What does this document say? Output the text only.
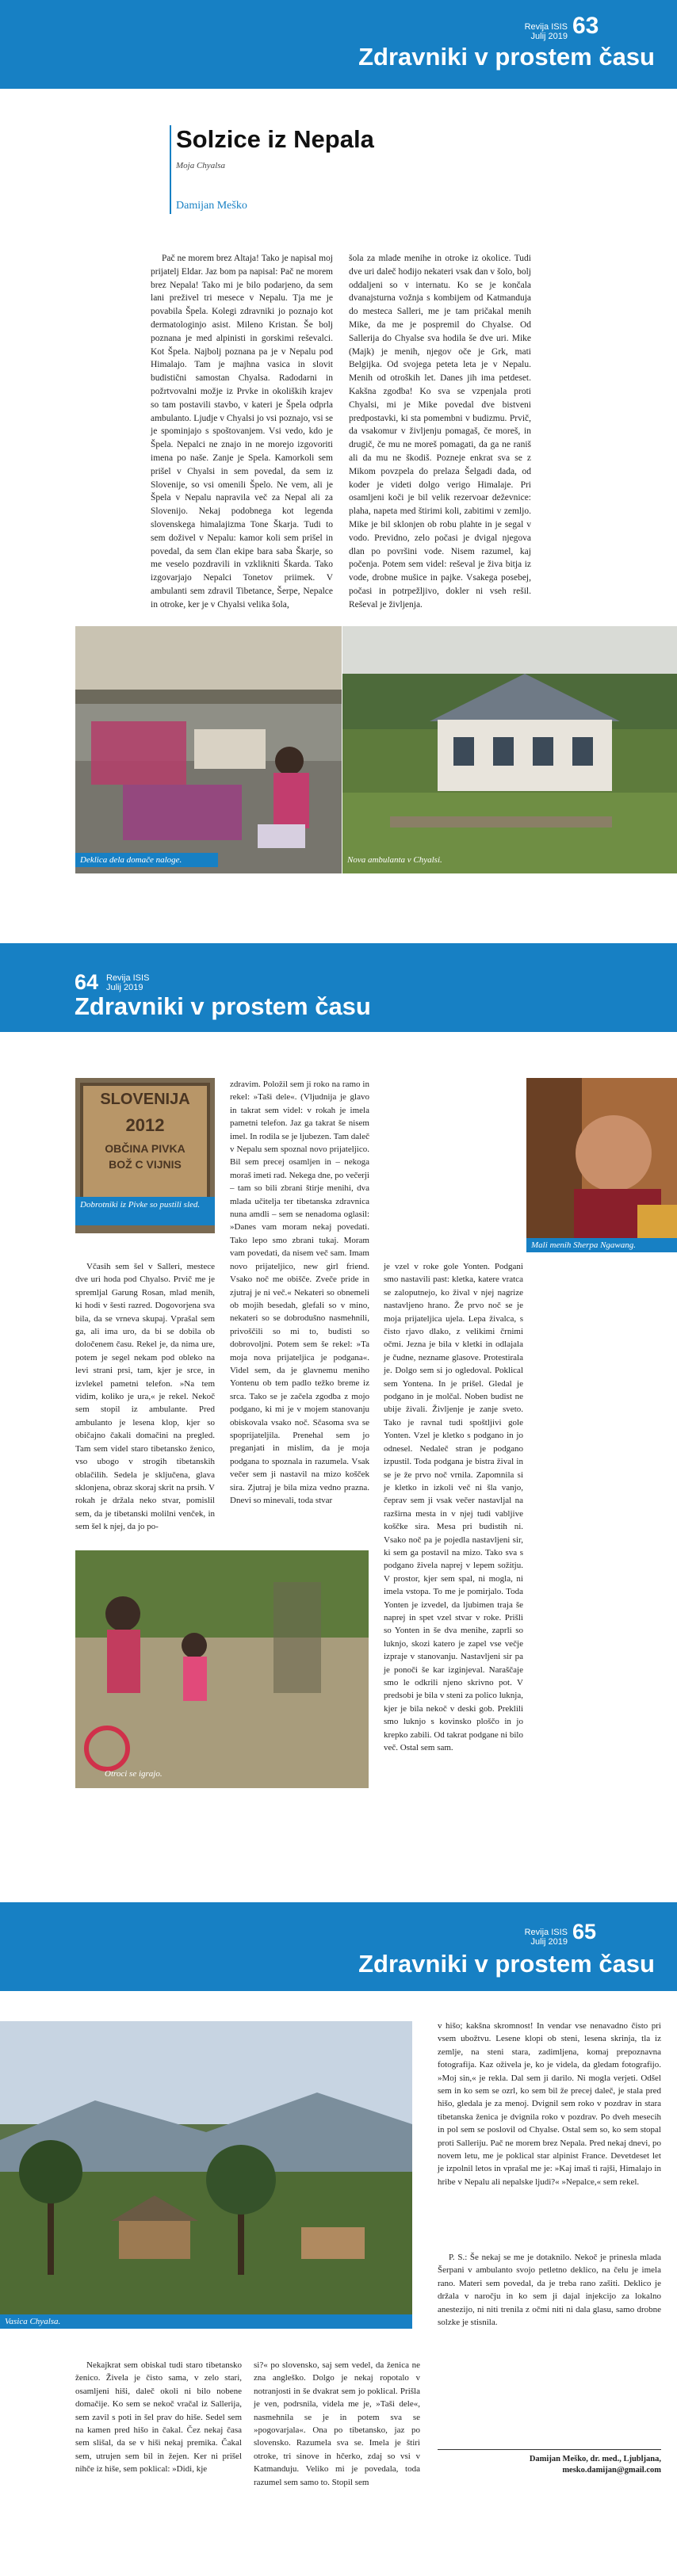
Revija ISIS
Julij 2019 63
Zdravniki v prostem času
Solzice iz Nepala
Moja Chyalsa
Damijan Meško

Pač ne morem brez Altaja! Tako je napisal moj prijatelj Eldar. Jaz bom pa napisal: Pač ne morem brez Nepala! Tako mi je bilo podarjeno, da sem lani preživel tri mesece v Nepalu. Tja me je povabila Špela. Kolegi zdravniki jo poznajo kot dermatologinjo asist. Mileno Kristan. Še bolj poznana je med alpinisti in gorskimi reševalci. Kot Špela. Najbolj poznana pa je v Nepalu pod Himalajo. Tam je majhna vasica in slovit budistični samostan Chyalsa. Radodarni in požrtvovalni možje iz Prvke in okoliških krajev so tam postavili stavbo, v kateri je Špela odprla ambulanto. Ljudje v Chyalsi jo vsi poznajo, vsi se je spominjajo s spoštovanjem. Vsi vedo, kdo je Špela. Nepalci ne znajo in ne morejo izgovoriti imena po naše. Zanje je Spela. Kamorkoli sem prišel v Chyalsi in sem povedal, da sem iz Slovenije, so vsi omenili Špelo. Ne vem, ali je Špela v Nepalu napravila več za Nepal ali za Slovenijo. Nekaj podobnega kot legenda slovenskega himalajizma Tone Škarja. Tudi to sem doživel v Nepalu: kamor koli sem prišel in povedal, da sem član ekipe bara saba Škarje, so me veselo pozdravili in vzklikniti Škarda. Tako izgovarjajo Nepalci Tonetov priimek. V ambulanti sem zdravil Tibetance, Šerpe, Nepalce in otroke, ker je v Chyalsi velika šola,

šola za mlade menihe in otroke iz okolice. Tudi dve uri daleč hodijo nekateri vsak dan v šolo, bolj oddaljeni so v internatu. Ko se je končala dvanajsturna vožnja s kombijem od Katmanduja do mesteca Salleri, me je tam pričakal menih Mike, da me je pospremil do Chyalse. Od Sallerija do Chyalse sva hodila še dve uri. Mike (Majk) je menih, njegov oče je Grk, mati Belgijka. Od svojega peteta leta je v Nepalu. Menih od otroških let. Danes jih ima petdeset. Kakšna zgodba! Ko sva se vzpenjala proti Chyalsi, mi je Mike povedal dve bistveni predpostavki, ki sta pomembni v budizmu. Prvič, da vsakomur v življenju pomagaš, če moreš, in drugič, če mu ne moreš pomagati, da ga ne raniš ali da mu ne škodiš. Pozneje enkrat sva se z Mikom povzpela do prelaza Šelgadi dada, od koder je videti dolgo verigo Himalaje. Pri osamljeni koči je bil velik rezervoar deževnice: plaha, napeta med štirimi koli, zabitimi v zemljo. Mike je bil sklonjen ob robu plahte in je segal v vodo. Previdno, zelo počasi je dvigal njegova dlan po površini vode. Nisem razumel, kaj počenja. Potem sem videl: reševal je živa bitja iz vode, drobne mušice in pajke. Vsakega posebej, počasi in potrpežljivo, dokler ni vseh rešil. Reševal je življenja.

Deklica dela domače naloge.	Nova ambulanta v Chyalsi.
64 Revija ISIS
Julij 2019
Zdravniki v prostem času
SLOVENIJA
2012
OBČINA PIVKA
BOŽ C VIJNIS
Dobrotniki iz Pivke so pustili sled.
Mali menih Sherpa Ngawang.

Včasih sem šel v Salleri, mestece dve uri hoda pod Chyalso. Prvič me je spremljal Garung Rosan, mlad menih, ki hodi v šesti razred. Dogovorjena sva bila, da se vrneva skupaj. Vprašal sem ga, ali ima uro, da bi se dobila ob določenem času. Rekel je, da nima ure, potem je segel nekam pod obleko na levi strani prsi, tam, kjer je srce, in izvlekel pametni telefon. »Na tem vidim, koliko je ura,« je rekel. Nekoč sem stopil iz ambulante. Pred ambulanto je lesena klop, kjer so običajno čakali domačini na pregled. Tam sem videl staro tibetansko ženico, vso ubogo v strogih tibetanskih oblačilih. Sedela je sključena, glava sklonjena, obraz skoraj skrit na prsih. V rokah je držala neko stvar, pomislil sem, da je tibetanski molilni venček, in sem šel k njej, da jo po-

zdravim. Položil sem ji roko na ramo in rekel: »Taši dele«. (Vljudnija je glavo in takrat sem videl: v rokah je imela pametni telefon. Jaz ga takrat še nisem imel. In rodila se je ljubezen. Tam daleč v Nepalu sem spoznal novo prijateljico. Bil sem precej osamljen in – nekoga moraš imeti rad. Nekega dne, po večerji – tam so bili zbrani štirje menihi, dva mlada učitelja ter tibetanska zdravnica nuna amdli – sem se nenadoma oglasil: »Danes vam moram nekaj povedati. Tako lepo smo zbrani tukaj. Moram vam povedati, da nisem več sam. Imam novo prijateljico, new girl friend. Vsako noč me obišče. Zveče pride in zjutraj je ni več.« Nekateri so obnemeli ob mojih besedah, glefali so v mino, nekateri so se dobrodušno nasmehnili, privoščili so mi to, budisti so dobrovoljni. Potem sem še rekel: »Ta moja nova prijateljica je podgana«. Videl sem, da je glavnemu meniho Yontenu ob tem padlo težko breme iz srca. Tako se je začela zgodba z mojo podgano, ki mi je v mojem stanovanju obiskovala vsako noč. Sčasoma sva se spoprijateljila. Prenehal sem jo preganjati in mislim, da je moja podgana to spoznala in razumela. Vsak večer sem ji nastavil na mizo košček sira. Zjutraj je bila miza vedno prazna. Dnevi so minevali, toda stvar

je vzel v roke gole Yonten. Podgani smo nastavili past: kletka, katere vratca se zaloputnejo, ko žival v njej nagrize nastavljeno hrano. Že prvo noč se je moja prijateljica ujela. Lepa živalca, s čisto rjavo dlako, z velikimi črnimi očmi. Jezna je bila v kletki in odlajala je čudne, nezname glasove. Protestirala je. Dolgo sem si jo ogledoval. Poklical sem Yontena. In je prišel. Gledal je podgano in je molčal. Noben budist ne ubije živali. Življenje je zanje sveto. Tako je ravnal tudi spoštljivi gole Yonten. Vzel je kletko s podgano in jo odnesel. Nedaleč stran je podgano izpustil. Toda podgana je bistra žival in se je že prvo noč vrnila. Zapomnila si je kletko in izkoli več ni šla vanjo, čeprav sem ji vsak večer nastavljal na razširna mesta in v njej tudi vabljive koščke sira. Mesa pri budistih ni. Vsako noč pa je pojedla nastavljeni sir, ki sem ga postavil na mizo. Tako sva s podgano živela naprej v lepem sožitju. V prostor, kjer sem spal, ni mogla, ni imela vstopa. To me je pomirjalo. Toda Yonten je izvedel, da ljubimen traja še naprej in spet vzel stvar v roke. Prišli so Yonten in še dva menihe, zaprli so luknjo, skozi katero je zapel vse večje izpraje v stanovanju. Nastavljeni sir pa je ponoči še kar izginjeval. Naraščaje smo le odkrili njeno skrivno pot. V predsobi je bila v steni za polico luknja, kjer je bila nekoč v deski gob. Preklili smo luknjo s kovinsko ploščo in jo krepko zabili. Od takrat podgane ni bilo več. Ostal sem sam.

Otroci se igrajo.
Revija ISIS
Julij 2019 65
Zdravniki v prostem času
Vasica Chyalsa.

v hišo; kakšna skromnost! In vendar vse nenavadno čisto pri vsem ubožtvu. Lesene klopi ob steni, lesena skrinja, tla iz zemlje, na steni stara, zadimljena, komaj prepoznavna fotografija. Kaz oživela je, ko je videla, da gledam fotografijo. »Moj sin,« je rekla. Dal sem ji darilo. Ni mogla verjeti. Odšel sem in ko sem se ozrl, ko sem bil že precej daleč, je stala pred hišo, gledala je za menoj. Dvignil sem roko v pozdrav in stara tibetanska ženica je dvignila roko v pozdrav. Po dveh mesecih in pol sem se poslovil od Chyalse. Ostal sem so, ko sem stopal proti Salleriju. Pač ne morem brez Nepala. Pred nekaj dnevi, po novem letu, me je poklical star alpinist France. Devetdeset let je izpolnil letos in vprašal me je: »Kaj imaš ti rajši, Himalajo in hribe v Nepalu ali nepalske ljudi?« »Nepalce,« sem rekel.

P. S.: Še nekaj se me je dotaknilo. Nekoč je prinesla mlada Šerpani v ambulanto svojo petletno deklico, na čelu je imela rano. Materi sem povedal, da je treba rano zašiti. Deklico je držala v naročju in ko sem ji dajal injekcijo za lokalno anestezijo, ni niti trenila z očmi niti ni dala glasu, samo drobne solzke je stisnila.

Nekajkrat sem obiskal tudi staro tibetansko ženico. Živela je čisto sama, v zelo stari, osamljeni hiši, daleč okoli ni bilo nobene domačije. Ko sem se nekoč vračal iz Sallerija, sem zavil s poti in šel prav do hiše. Sedel sem na kamen pred hišo in čakal. Čez nekaj časa sem slišal, da se v hiši nekaj premika. Čakal sem, utrujen sem bil in žejen. Ker ni prišel nihče iz hiše, sem poklical: »Didi, kje

si?« po slovensko, saj sem vedel, da ženica ne zna angleško. Dolgo je nekaj ropotalo v notranjosti in še dvakrat sem jo poklical. Prišla je ven, podrsnila, videla me je, »Taši dele«, nasmehnila se je in potem sva se »pogovarjala«. Ona po tibetansko, jaz po slovensko. Razumela sva se. Imela je štiri otroke, tri sinove in hčerko, zdaj so vsi v Katmanduju. Veliko mi je povedala, toda razumel sem samo to. Stopil sem

Damijan Meško, dr. med., Ljubljana,
mesko.damijan@gmail.com
